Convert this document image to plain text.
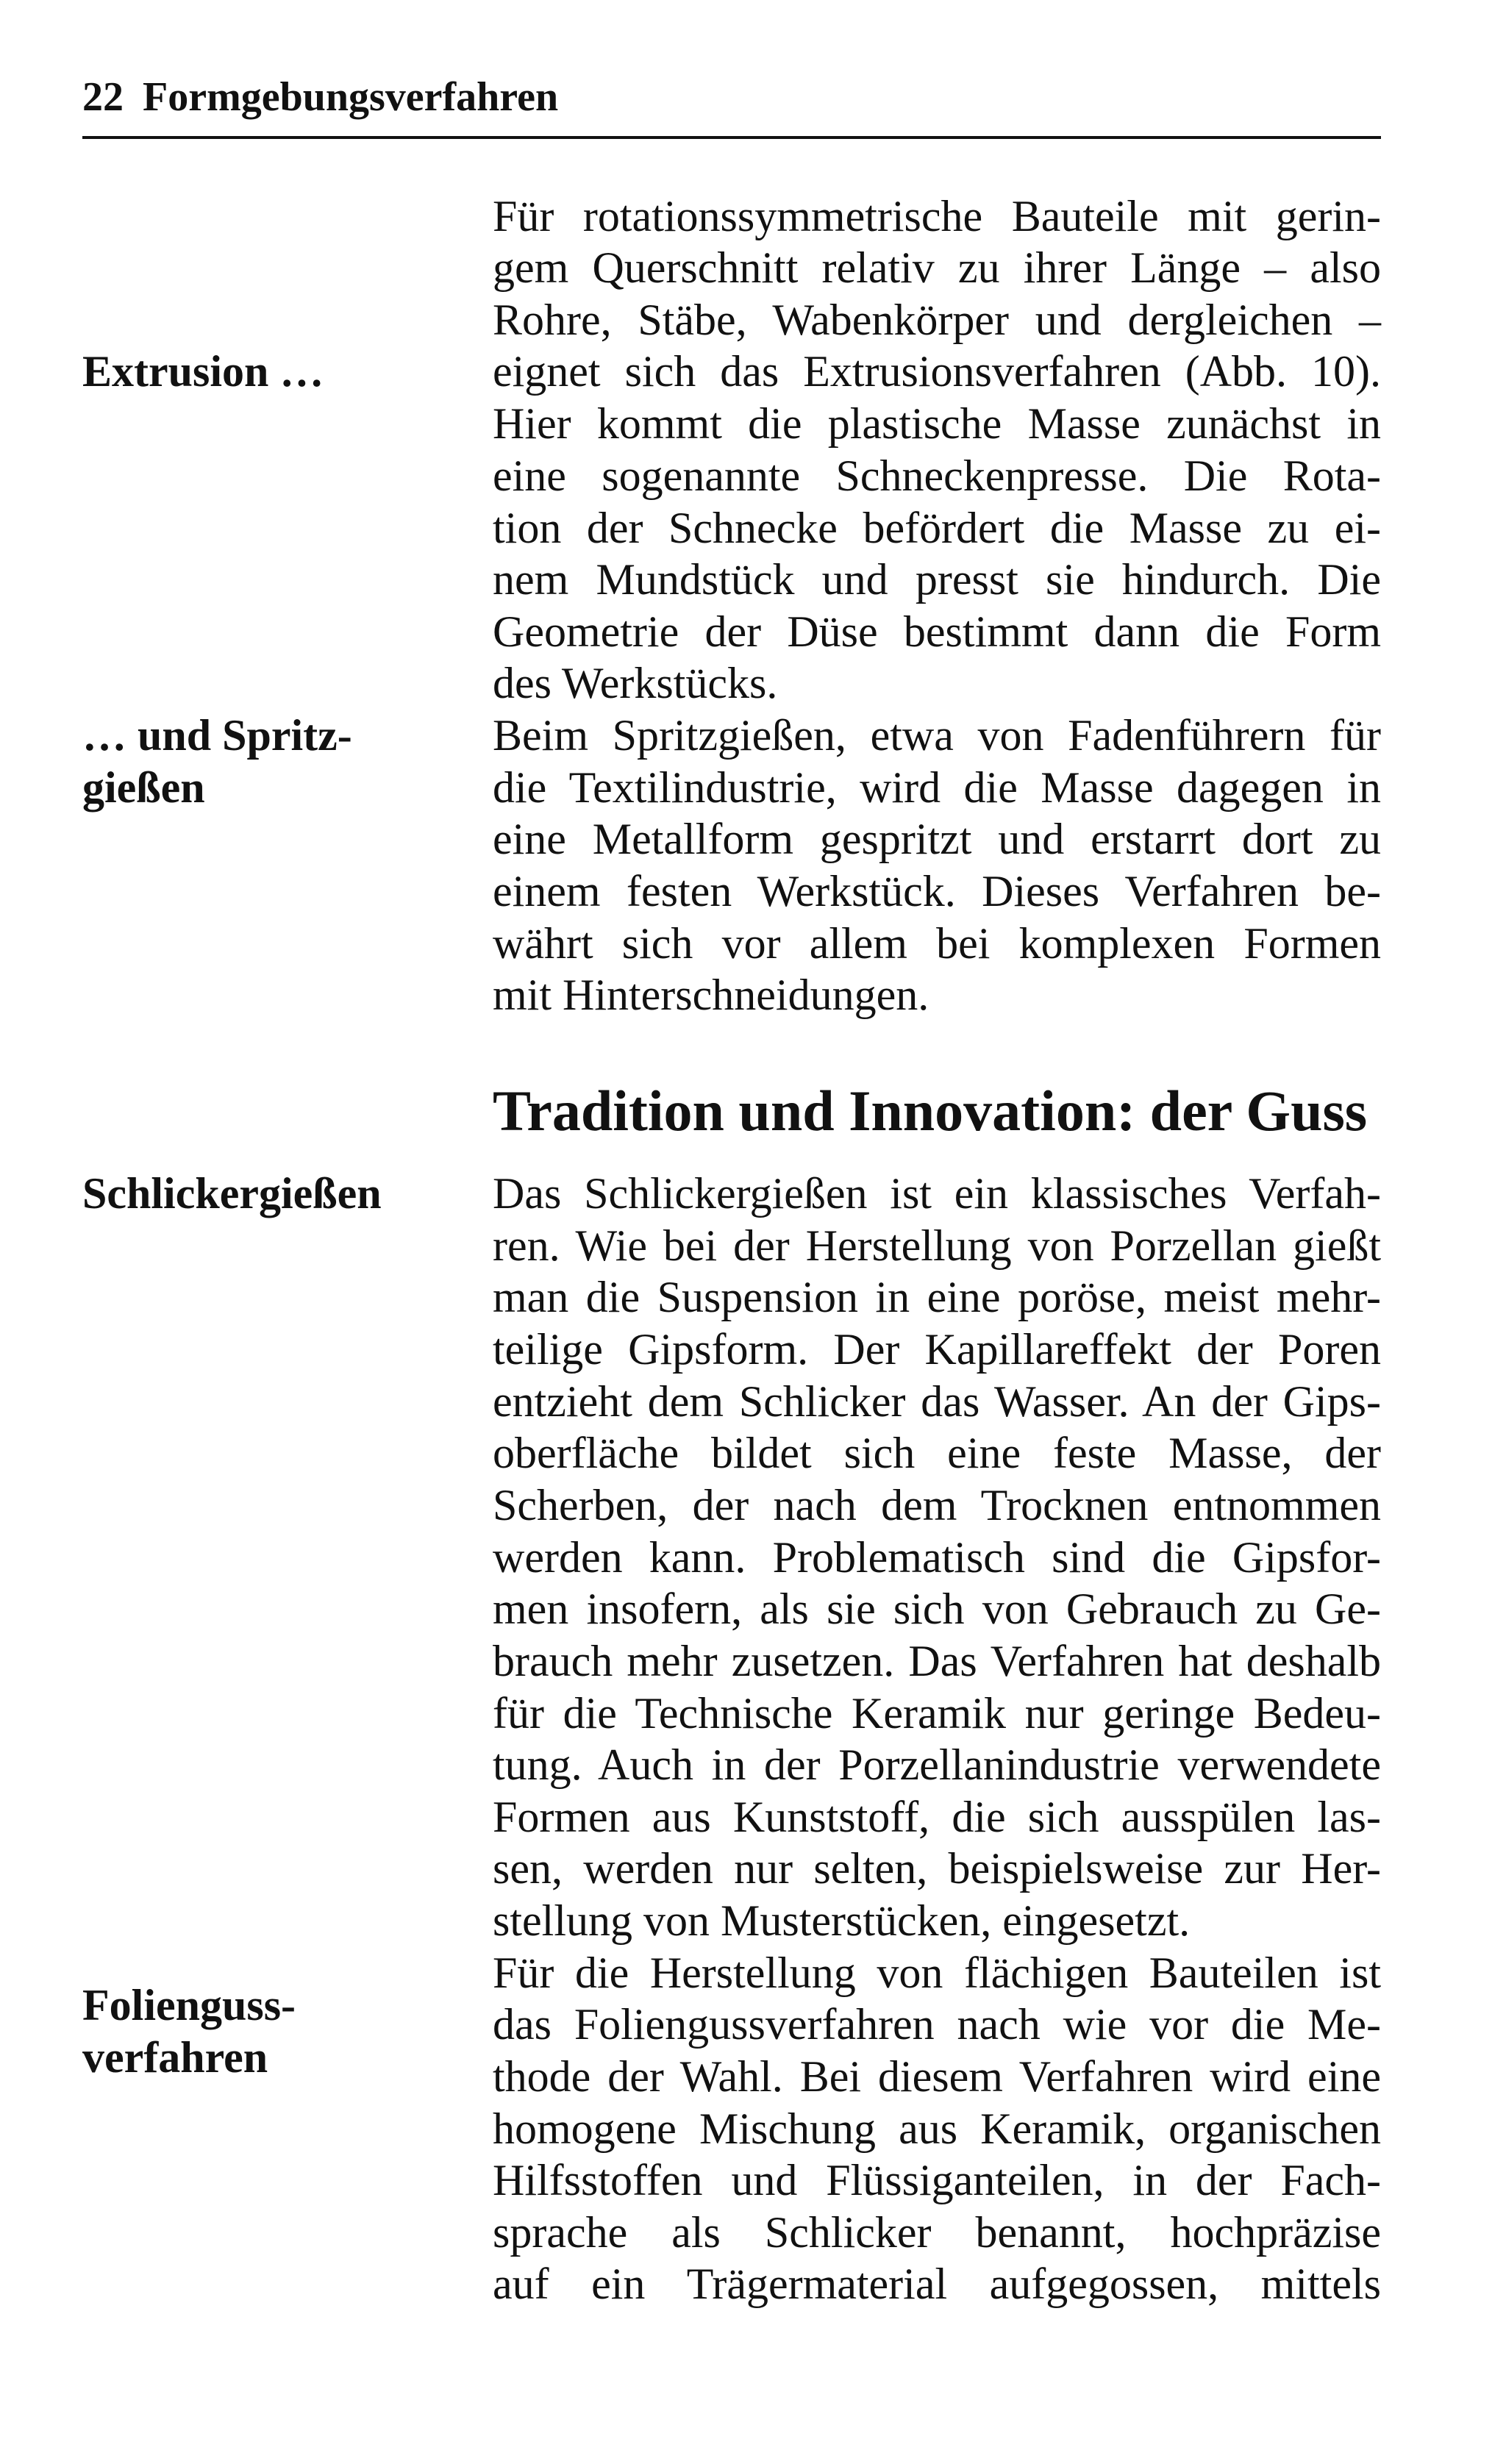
22 Formgebungsverfahren
Extrusion …
… und Spritz-
gießen
Schlickergießen
Folienguss-
verfahren
Für rotationssymmetrische Bauteile mit gerin-
gem Querschnitt relativ zu ihrer Länge – also
Rohre, Stäbe, Wabenkörper und dergleichen –
eignet sich das Extrusionsverfahren (Abb. 10).
Hier kommt die plastische Masse zunächst in
eine sogenannte Schneckenpresse. Die Rota-
tion der Schnecke befördert die Masse zu ei-
nem Mundstück und presst sie hindurch. Die
Geometrie der Düse bestimmt dann die Form
des Werkstücks.
Beim Spritzgießen, etwa von Fadenführern für
die Textilindustrie, wird die Masse dagegen in
eine Metallform gespritzt und erstarrt dort zu
einem festen Werkstück. Dieses Verfahren be-
währt sich vor allem bei komplexen Formen
mit Hinterschneidungen.
Tradition und Innovation: der Guss
Das Schlickergießen ist ein klassisches Verfah-
ren. Wie bei der Herstellung von Porzellan gießt
man die Suspension in eine poröse, meist mehr-
teilige Gipsform. Der Kapillareffekt der Poren
entzieht dem Schlicker das Wasser. An der Gips-
oberfläche bildet sich eine feste Masse, der
Scherben, der nach dem Trocknen entnommen
werden kann. Problematisch sind die Gipsfor-
men insofern, als sie sich von Gebrauch zu Ge-
brauch mehr zusetzen. Das Verfahren hat deshalb
für die Technische Keramik nur geringe Bedeu-
tung. Auch in der Porzellanindustrie verwendete
Formen aus Kunststoff, die sich ausspülen las-
sen, werden nur selten, beispielsweise zur Her-
stellung von Musterstücken, eingesetzt.
Für die Herstellung von flächigen Bauteilen ist
das Foliengussverfahren nach wie vor die Me-
thode der Wahl. Bei diesem Verfahren wird eine
homogene Mischung aus Keramik, organischen
Hilfsstoffen und Flüssiganteilen, in der Fach-
sprache als Schlicker benannt, hochpräzise
auf ein Trägermaterial aufgegossen, mittels
